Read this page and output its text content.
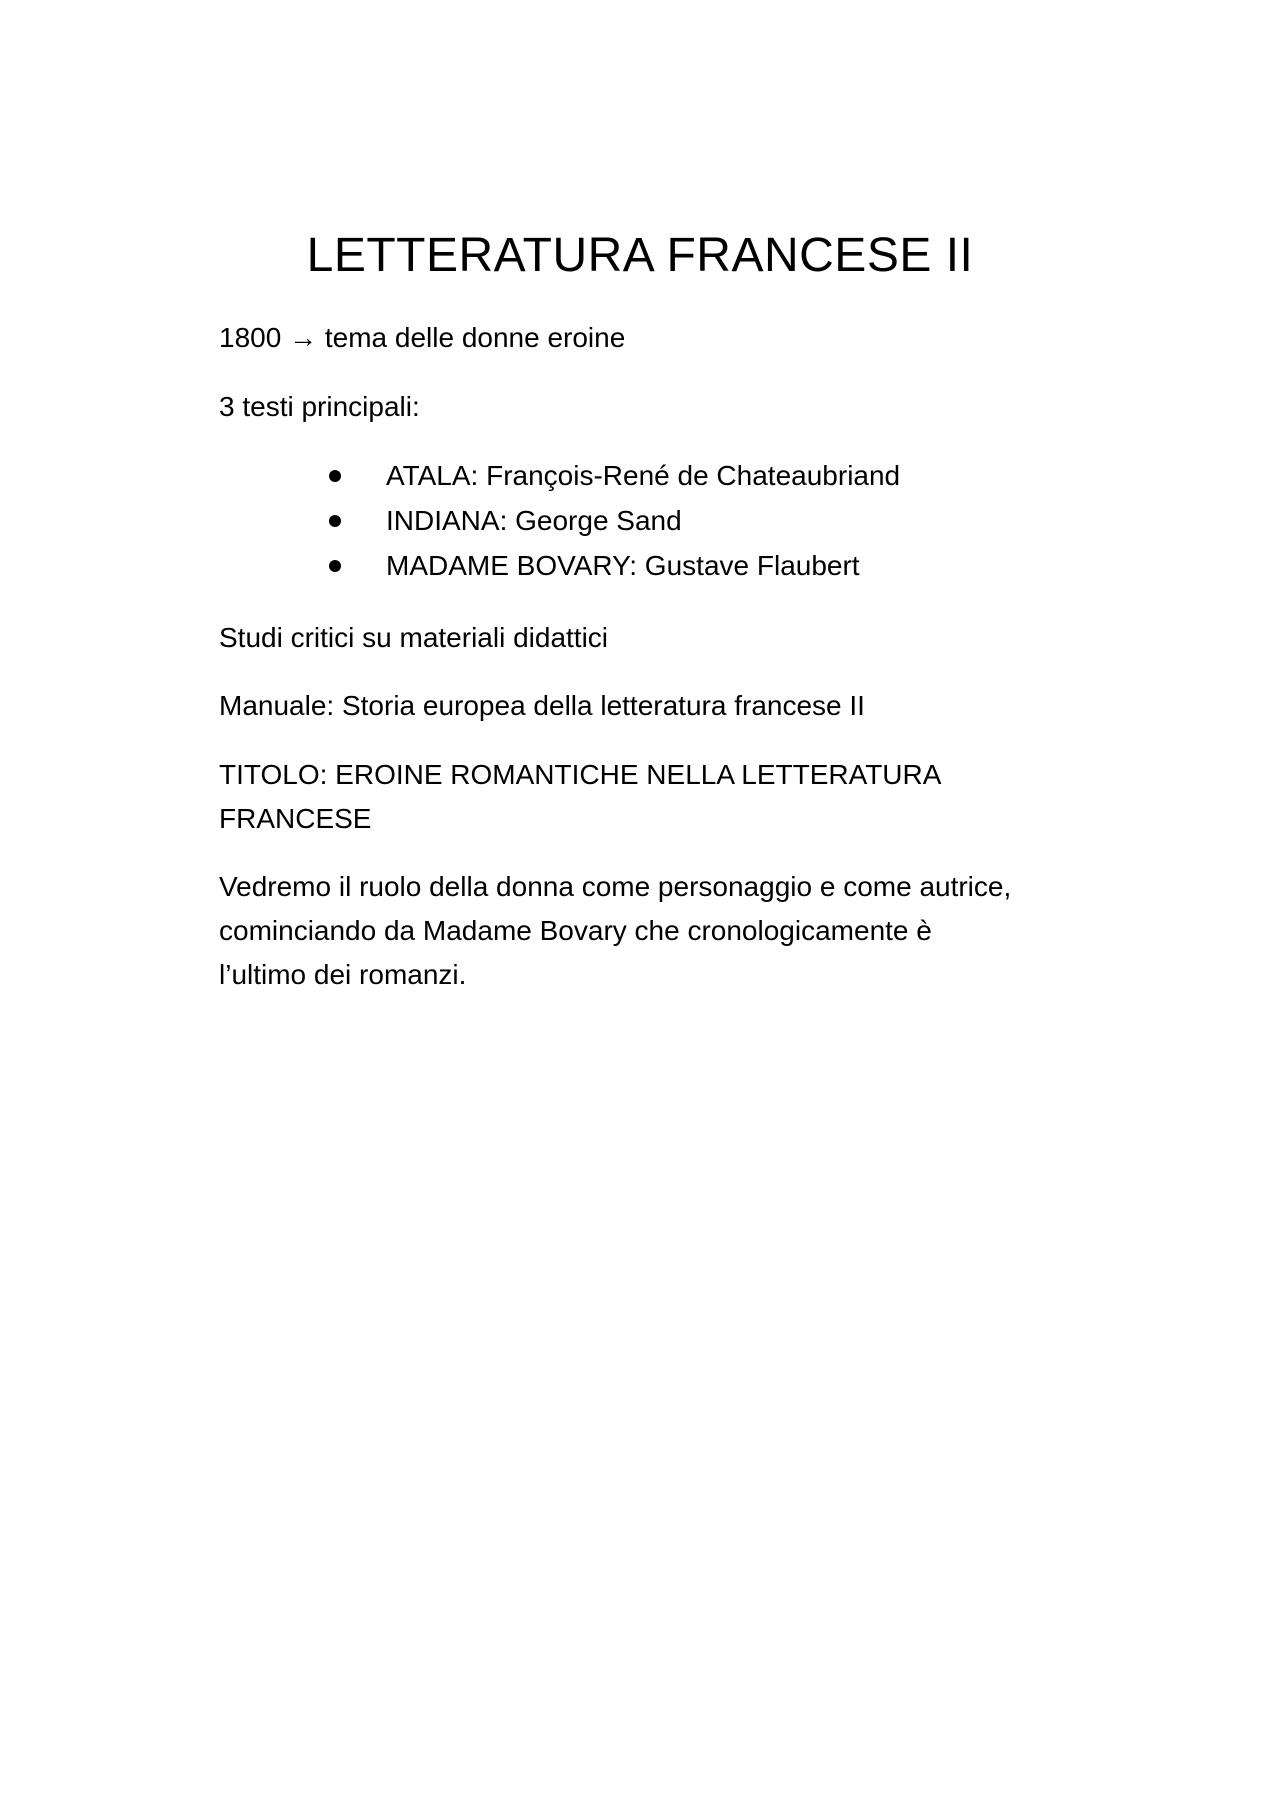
LETTERATURA FRANCESE II

1800 → tema delle donne eroine

3 testi principali:

ATALA: François-René de Chateaubriand
INDIANA: George Sand
MADAME BOVARY: Gustave Flaubert

Studi critici su materiali didattici

Manuale: Storia europea della letteratura francese II

TITOLO: EROINE ROMANTICHE NELLA LETTERATURA FRANCESE

Vedremo il ruolo della donna come personaggio e come autrice, cominciando da Madame Bovary che cronologicamente è l’ultimo dei romanzi.
